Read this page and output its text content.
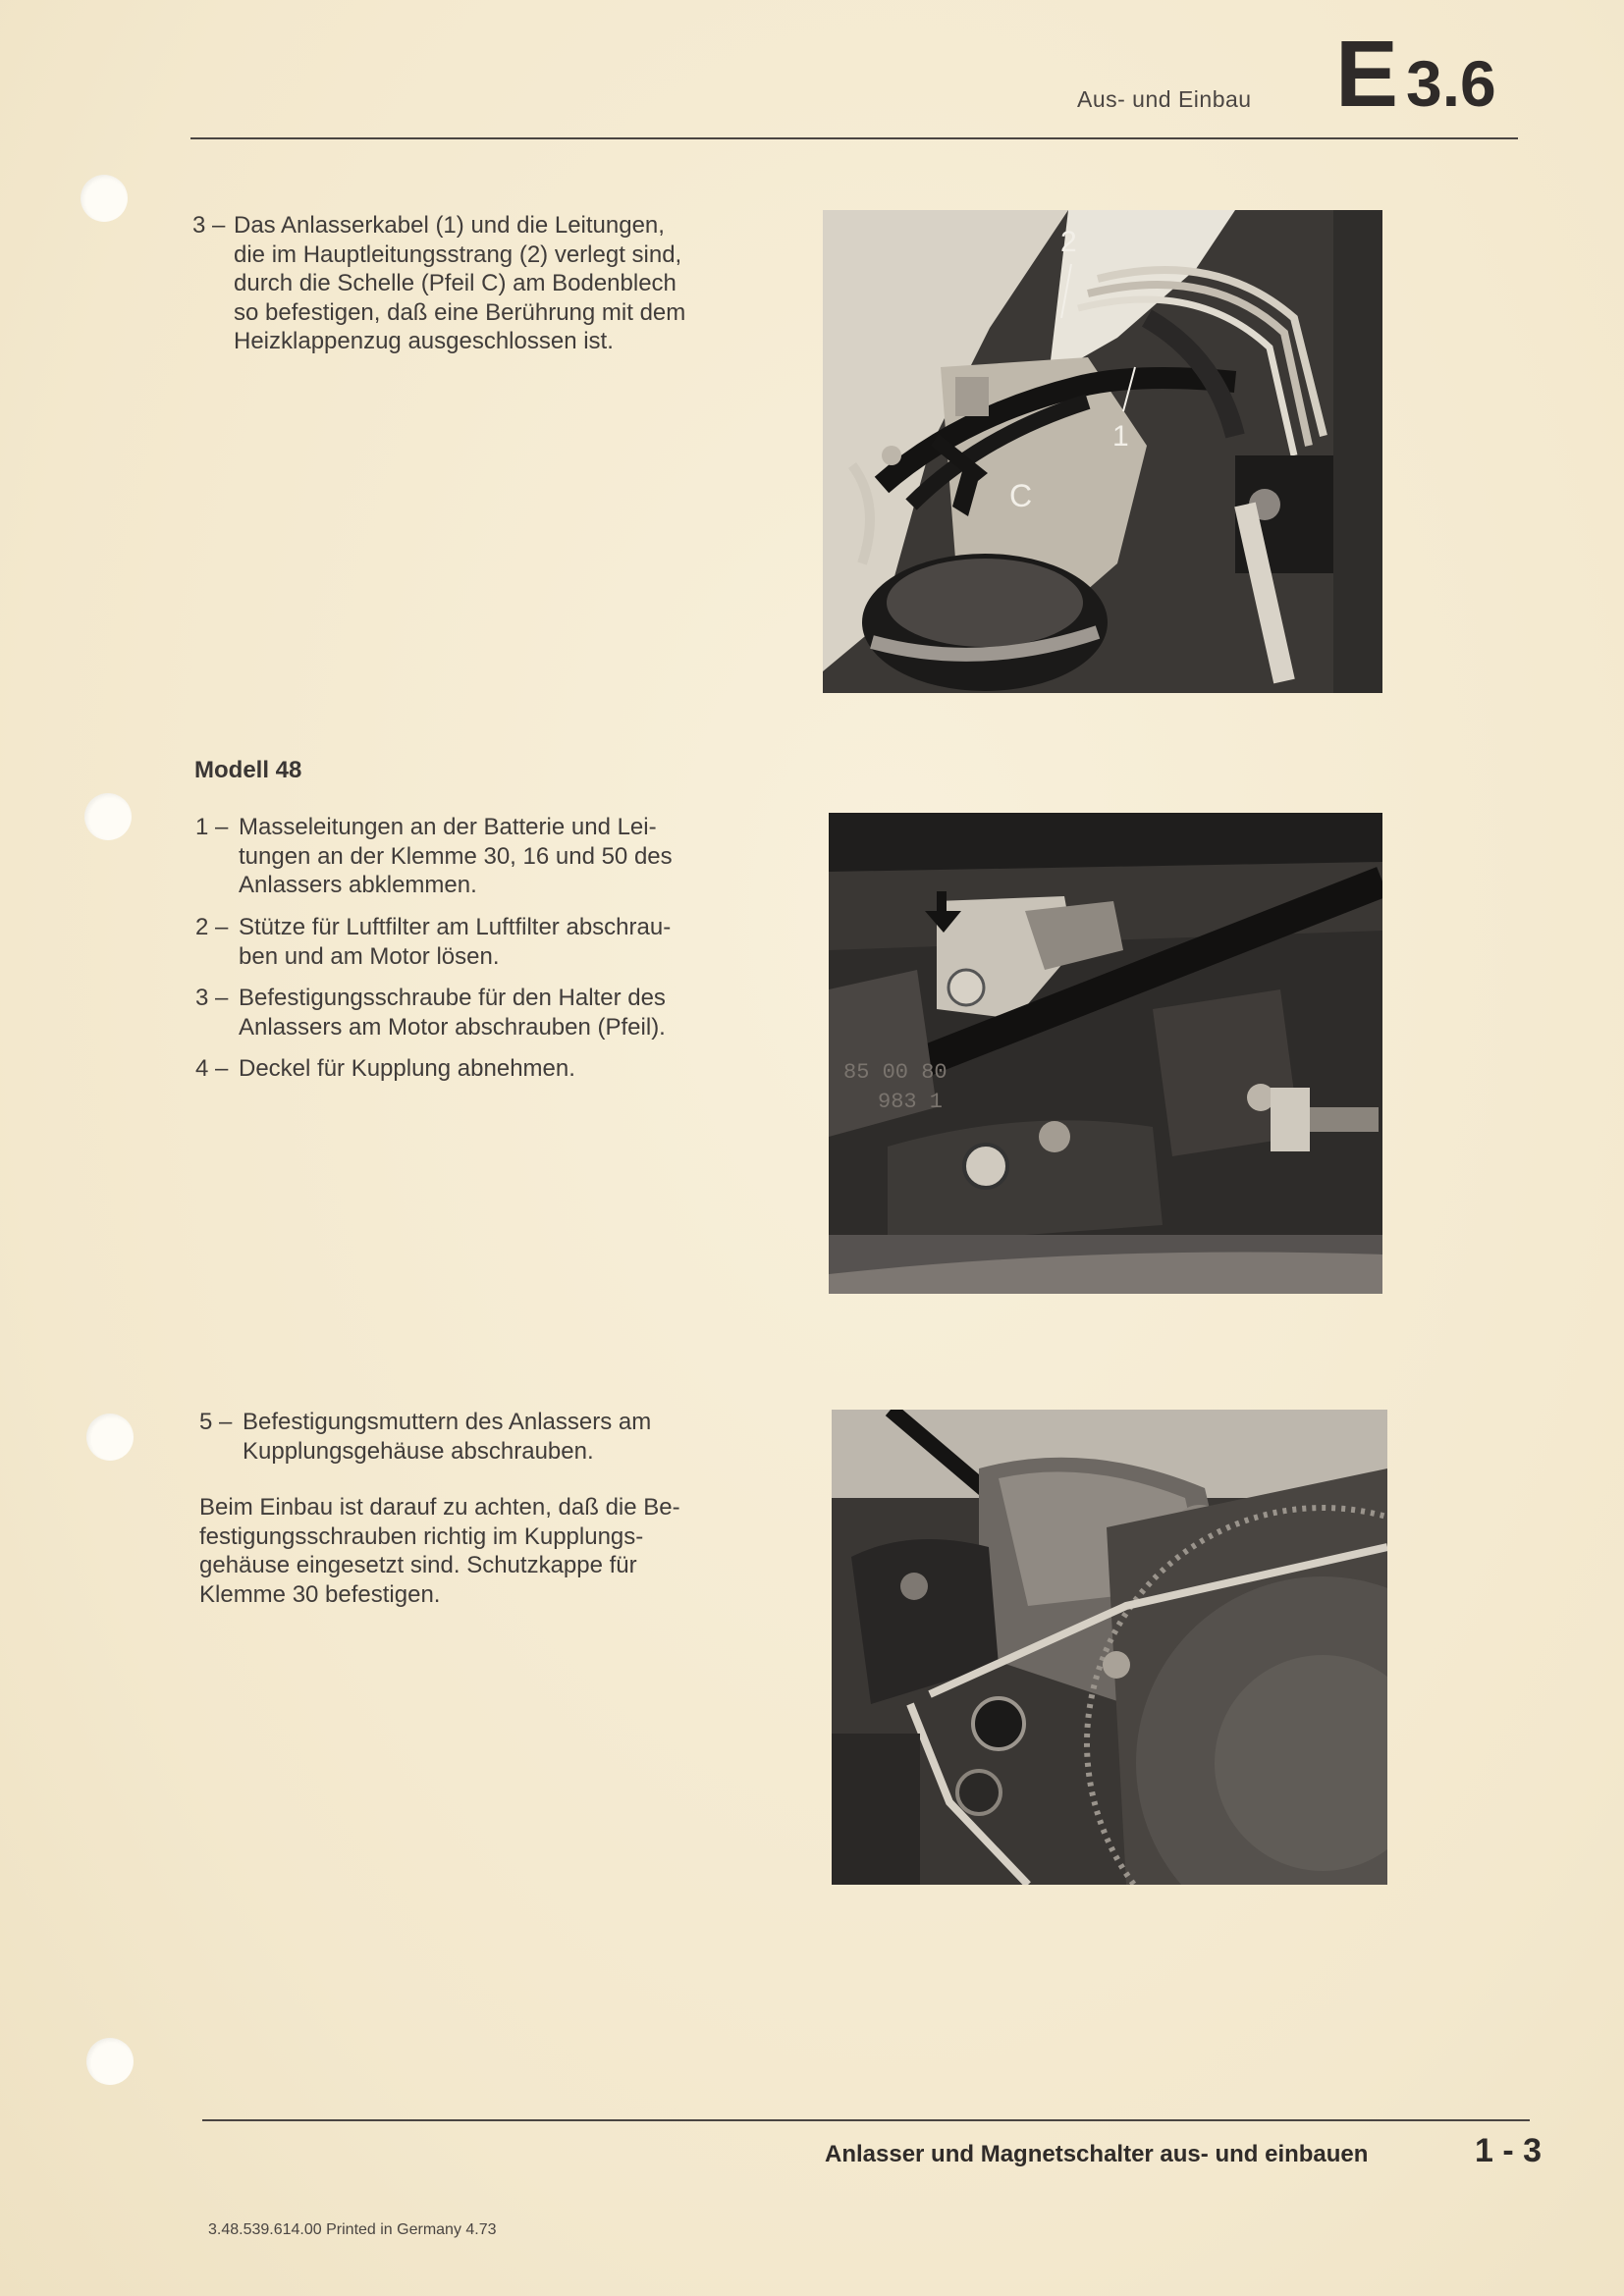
Aus- und Einbau E 3.6
3 – Das Anlasserkabel (1) und die Leitungen,
die im Hauptleitungsstrang (2) verlegt sind,
durch die Schelle (Pfeil C) am Bodenblech
so befestigen, daß eine Berührung mit dem
Heizklappenzug ausgeschlossen ist.
2
1
C
Modell 48
1 – Masseleitungen an der Batterie und Lei-
tungen an der Klemme 30, 16 und 50 des
Anlassers abklemmen.
2 – Stütze für Luftfilter am Luftfilter abschrau-
ben und am Motor lösen.
3 – Befestigungsschraube für den Halter des
Anlassers am Motor abschrauben (Pfeil).
4 – Deckel für Kupplung abnehmen.	85 00 80
983 1
5 – Befestigungsmuttern des Anlassers am
Kupplungsgehäuse abschrauben.
Beim Einbau ist darauf zu achten, daß die Be-
festigungsschrauben richtig im Kupplungs-
gehäuse eingesetzt sind. Schutzkappe für
Klemme 30 befestigen.
Anlasser und Magnetschalter aus- und einbauen	1 - 3
3.48.539.614.00 Printed in Germany 4.73
